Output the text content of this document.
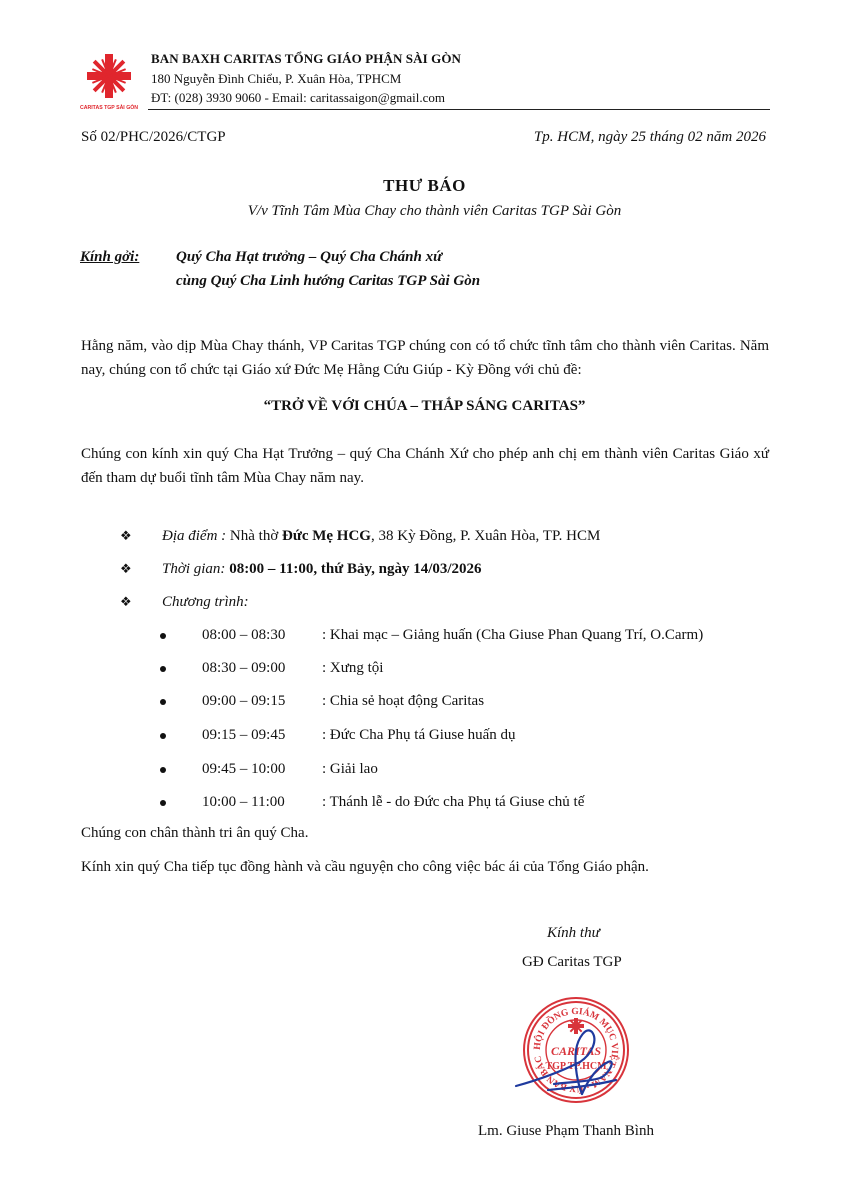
CARITAS TGP SÀI GÒN
BAN BAXH CARITAS TỔNG GIÁO PHẬN SÀI GÒN
180 Nguyễn Đình Chiểu, P. Xuân Hòa, TPHCM
ĐT: (028) 3930 9060 - Email: caritassaigon@gmail.com
Số 02/PHC/2026/CTGP	Tp. HCM, ngày 25 tháng 02 năm 2026
THƯ BÁO
V/v Tĩnh Tâm Mùa Chay cho thành viên Caritas TGP Sài Gòn
Kính gởi: Quý Cha Hạt trưởng – Quý Cha Chánh xứ
cùng Quý Cha Linh hướng Caritas TGP Sài Gòn
Hằng năm, vào dịp Mùa Chay thánh, VP Caritas TGP chúng con có tổ chức tĩnh tâm cho thành viên Caritas. Năm nay, chúng con tổ chức tại Giáo xứ Đức Mẹ Hằng Cứu Giúp - Kỳ Đồng với chủ đề:
“TRỞ VỀ VỚI CHÚA – THẮP SÁNG CARITAS”
Chúng con kính xin quý Cha Hạt Trưởng – quý Cha Chánh Xứ cho phép anh chị em thành viên Caritas Giáo xứ đến tham dự buổi tĩnh tâm Mùa Chay năm nay.
❖ Địa điểm : Nhà thờ Đức Mẹ HCG, 38 Kỳ Đồng, P. Xuân Hòa, TP. HCM
❖ Thời gian: 08:00 – 11:00, thứ Bảy, ngày 14/03/2026
❖ Chương trình:
08:00 – 08:30 : Khai mạc – Giảng huấn (Cha Giuse Phan Quang Trí, O.Carm)
08:30 – 09:00 : Xưng tội
09:00 – 09:15 : Chia sẻ hoạt động Caritas
09:15 – 09:45 : Đức Cha Phụ tá Giuse huấn dụ
09:45 – 10:00 : Giải lao
10:00 – 11:00 : Thánh lễ - do Đức cha Phụ tá Giuse chủ tế
Chúng con chân thành tri ân quý Cha.
Kính xin quý Cha tiếp tục đồng hành và cầu nguyện cho công việc bác ái của Tổng Giáo phận.
Kính thư
GĐ Caritas TGP
HỘI ĐỒNG GIÁM MỤC VIỆT NAM · ỦY BAN BÁC
CARITAS
TGP TP.HCM
Lm. Giuse Phạm Thanh Bình
